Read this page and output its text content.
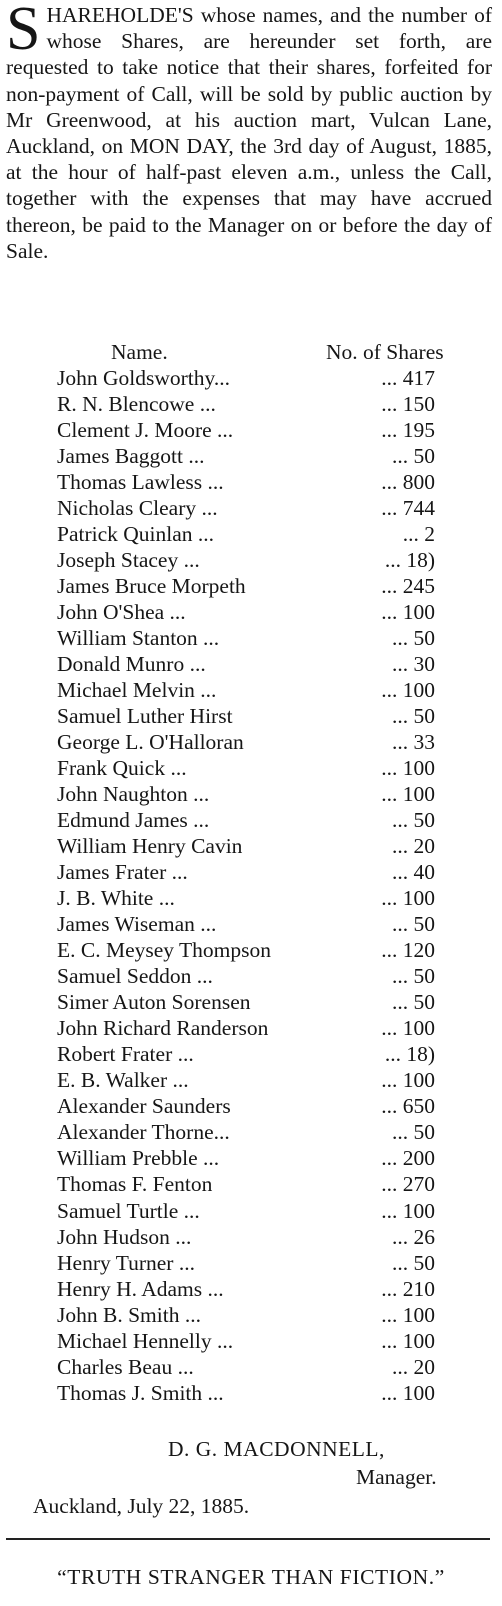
SHAREHOLDE'S whose names, and the number of whose Shares, are hereunder set forth, are requested to take notice that their shares, forfeited for non-payment of Call, will be sold by public auction by Mr Greenwood, at his auction mart, Vulcan Lane, Auckland, on MON DAY, the 3rd day of August, 1885, at the hour of half-past eleven a.m., unless the Call, together with the expenses that may have accrued thereon, be paid to the Manager on or before the day of Sale.
Name.	No. of Shares
John Goldsworthy...	... 417
R. N. Blencowe ...	... 150
Clement J. Moore ...	... 195
James Baggott ...	... 50
Thomas Lawless ...	... 800
Nicholas Cleary ...	... 744
Patrick Quinlan ...	... 2
Joseph Stacey ...	... 18)
James Bruce Morpeth	... 245
John O'Shea ...	... 100
William Stanton ...	... 50
Donald Munro ...	... 30
Michael Melvin ...	... 100
Samuel Luther Hirst	... 50
George L. O'Halloran	... 33
Frank Quick ...	... 100
John Naughton ...	... 100
Edmund James ...	... 50
William Henry Cavin	... 20
James Frater ...	... 40
J. B. White ...	... 100
James Wiseman ...	... 50
E. C. Meysey Thompson	... 120
Samuel Seddon ...	... 50
Simer Auton Sorensen	... 50
John Richard Randerson	... 100
Robert Frater ...	... 18)
E. B. Walker ...	... 100
Alexander Saunders	... 650
Alexander Thorne...	... 50
William Prebble ...	... 200
Thomas F. Fenton	... 270
Samuel Turtle ...	... 100
John Hudson ...	... 26
Henry Turner ...	... 50
Henry H. Adams ...	... 210
John B. Smith ...	... 100
Michael Hennelly ...	... 100
Charles Beau ...	... 20
Thomas J. Smith ...	... 100
D. G. MACDONNELL,
Manager.
Auckland, July 22, 1885.
“TRUTH STRANGER THAN FICTION.”
